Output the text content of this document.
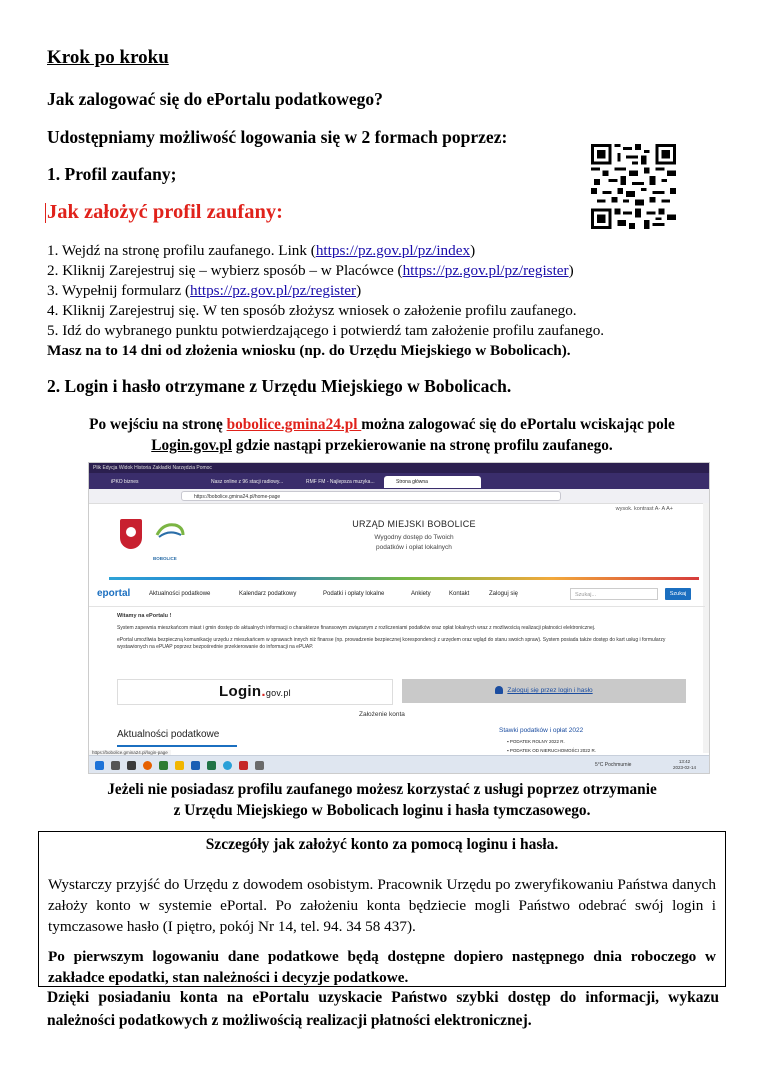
Krok po kroku
Jak zalogować się do ePortalu podatkowego?
Udostępniamy możliwość logowania się w 2 formach poprzez:
1. Profil zaufany;
Jak założyć profil zaufany:
1. Wejdź na stronę profilu zaufanego. Link (https://pz.gov.pl/pz/index)
2. Kliknij Zarejestruj się – wybierz sposób – w Placówce (https://pz.gov.pl/pz/register)
3. Wypełnij formularz (https://pz.gov.pl/pz/register)
4. Kliknij Zarejestruj się. W ten sposób złożysz wniosek o założenie profilu zaufanego.
5. Idź do wybranego punktu potwierdzającego i potwierdź tam założenie profilu zaufanego.
Masz na to 14 dni od złożenia wniosku (np. do Urzędu Miejskiego w Bobolicach).
2. Login i hasło otrzymane z Urzędu Miejskiego w Bobolicach.
Po wejściu na stronę bobolice.gmina24.pl można zalogować się do ePortalu wciskając pole
Login.gov.pl gdzie nastąpi przekierowanie na stronę profilu zaufanego.
Plik Edycja Widok Historia Zakładki Narzędzia Pomoc
iPKO biznes	Nasz online z 96 stacji radiowy...	RMF FM - Najlepsza muzyka...	Strona główna
https://bobolice.gmina24.pl/home-page
wysok. kontrast A- A A+
BOBOLICE
URZĄD MIEJSKI BOBOLICE
Wygodny dostęp do Twoich
podatków i opłat lokalnych
eportal	Aktualności podatkowe	Kalendarz podatkowy	Podatki i opłaty lokalne	Ankiety	Kontakt	Zaloguj się	Szukaj...	Szukaj
Witamy na ePortalu !

System zapewnia mieszkańcom miast i gmin dostęp do aktualnych informacji o charakterze finansowym związanym z rozliczeniami podatków oraz opłat lokalnych wraz z możliwością realizacji płatności elektronicznej.

ePortal umożliwia bezpieczną komunikację urzędu z mieszkańcem w sprawach innych niż finanse (np. prowadzenie bezpiecznej korespondencji z urzędem oraz wgląd do stanu swoich spraw). System posiada także dostęp do kart usług i formularzy wystawionych na ePUAP poprzez bezpośrednie przekierowanie do informacji na ePUAP.

Login.gov.pl	Zaloguj się przez login i hasło
Założenie konta
Aktualności podatkowe	Stawki podatków i opłat 2022
▪ PODATEK ROLNY 2022 R.
▪ PODATEK OD NIERUCHOMOŚCI 2022 R.
https://bobolice.gmina24.pl/login-page
5°C Pochmurnie
13:42
2023-02-14
Jeżeli nie posiadasz profilu zaufanego możesz korzystać z usługi poprzez otrzymanie
z Urzędu Miejskiego w Bobolicach loginu i hasła tymczasowego.
Szczegóły jak założyć konto za pomocą loginu i hasła.
Wystarczy przyjść do Urzędu z dowodem osobistym. Pracownik Urzędu po zweryfikowaniu Państwa danych założy konto w systemie ePortal. Po założeniu konta będziecie mogli Państwo odebrać swój login i tymczasowe hasło (I piętro, pokój Nr 14, tel. 94. 34 58 437).
Po pierwszym logowaniu dane podatkowe będą dostępne dopiero następnego dnia roboczego w zakładce epodatki, stan należności i decyzje podatkowe.
Dzięki posiadaniu konta na ePortalu uzyskacie Państwo szybki dostęp do informacji, wykazu należności podatkowych z możliwością realizacji płatności elektronicznej.
